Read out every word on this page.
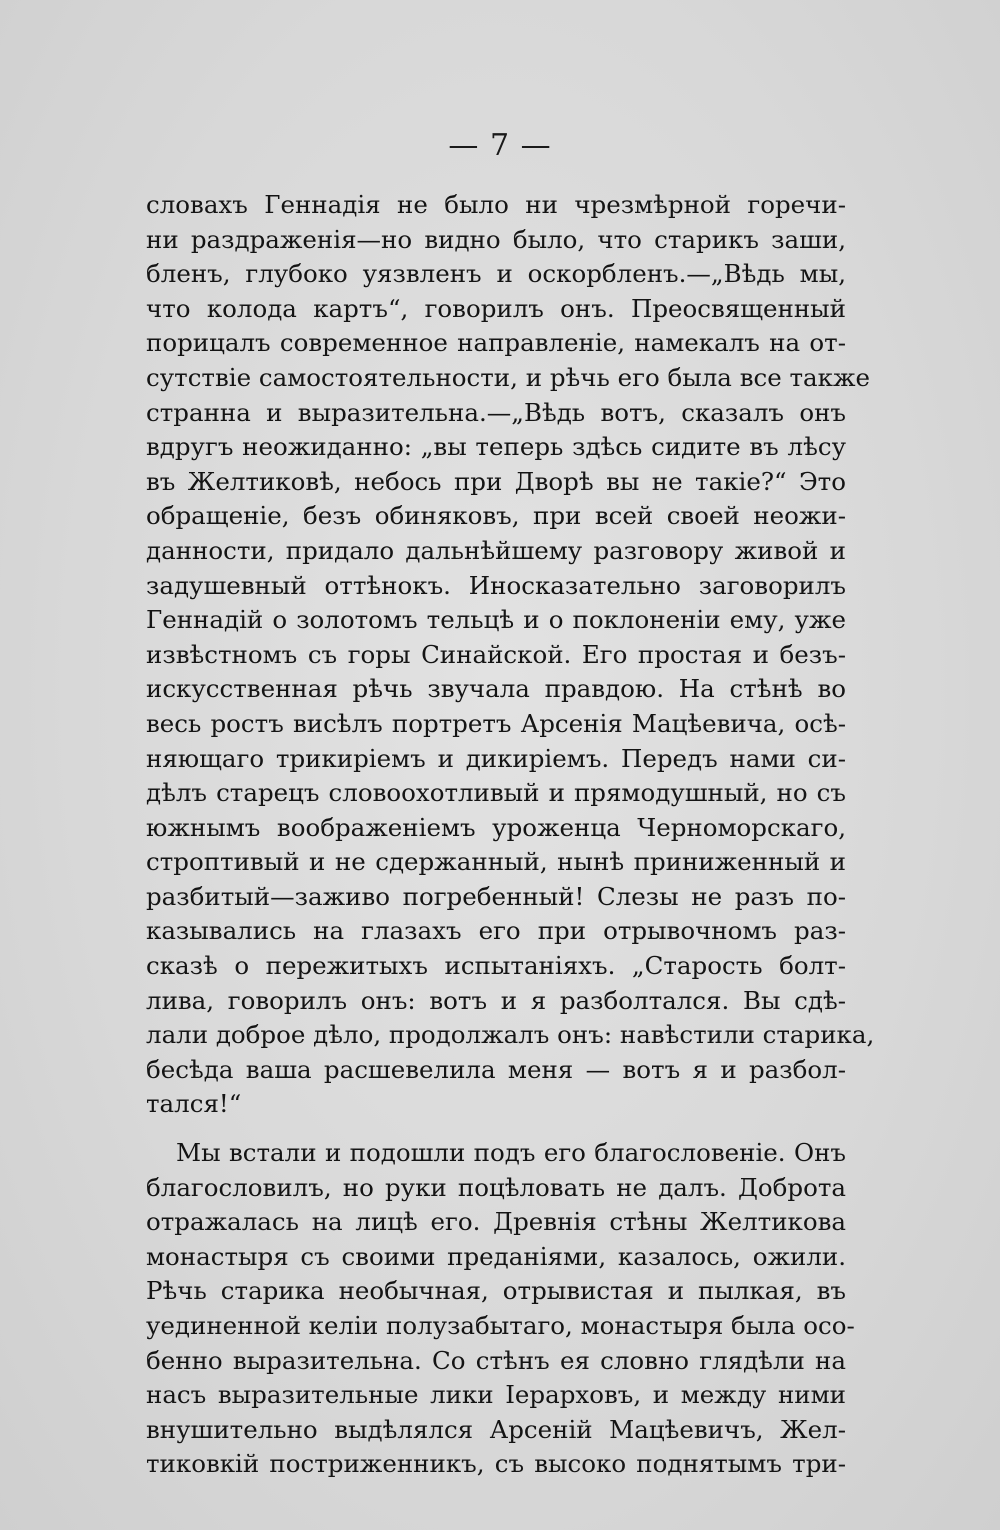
— 7 —
словахъ Геннадія не было ни чрезмѣрной горечи-
ни раздраженія—но видно было, что старикъ заши,
бленъ, глубоко уязвленъ и оскорбленъ.—„Вѣдь мы,
что колода картъ“, говорилъ онъ. Преосвященный
порицалъ современное направленіе, намекалъ на от-
сутствіе самостоятельности, и рѣчь его была все также
странна и выразительна.—„Вѣдь вотъ, сказалъ онъ
вдругъ неожиданно: „вы теперь здѣсь сидите въ лѣсу
въ Желтиковѣ, небось при Дворѣ вы не такіе?“ Это
обращеніе, безъ обиняковъ, при всей своей неожи-
данности, придало дальнѣйшему разговору живой и
задушевный оттѣнокъ. Иносказательно заговорилъ
Геннадій о золотомъ тельцѣ и о поклоненіи ему, уже
извѣстномъ съ горы Синайской. Его простая и безъ-
искусственная рѣчь звучала правдою. На стѣнѣ во
весь ростъ висѣлъ портретъ Арсенія Мацѣевича, осѣ-
няющаго трикиріемъ и дикиріемъ. Передъ нами си-
дѣлъ старецъ словоохотливый и прямодушный, но съ
южнымъ воображеніемъ уроженца Черноморскаго,
строптивый и не сдержанный, нынѣ приниженный и
разбитый—заживо погребенный! Слезы не разъ по-
казывались на глазахъ его при отрывочномъ раз-
сказѣ о пережитыхъ испытаніяхъ. „Старость болт-
лива, говорилъ онъ: вотъ и я разболтался. Вы сдѣ-
лали доброе дѣло, продолжалъ онъ: навѣстили старика,
бесѣда ваша расшевелила меня — вотъ я и разбол-
тался!“
Мы встали и подошли подъ его благословеніе. Онъ
благословилъ, но руки поцѣловать не далъ. Доброта
отражалась на лицѣ его. Древнія стѣны Желтикова
монастыря съ своими преданіями, казалось, ожили.
Рѣчь старика необычная, отрывистая и пылкая, въ
уединенной келіи полузабытаго, монастыря была осо-
бенно выразительна. Со стѣнъ ея словно глядѣли на
насъ выразительные лики Іерарховъ, и между ними
внушительно выдѣлялся Арсеній Мацѣевичъ, Жел-
тиковкій постриженникъ, съ высоко поднятымъ три-
